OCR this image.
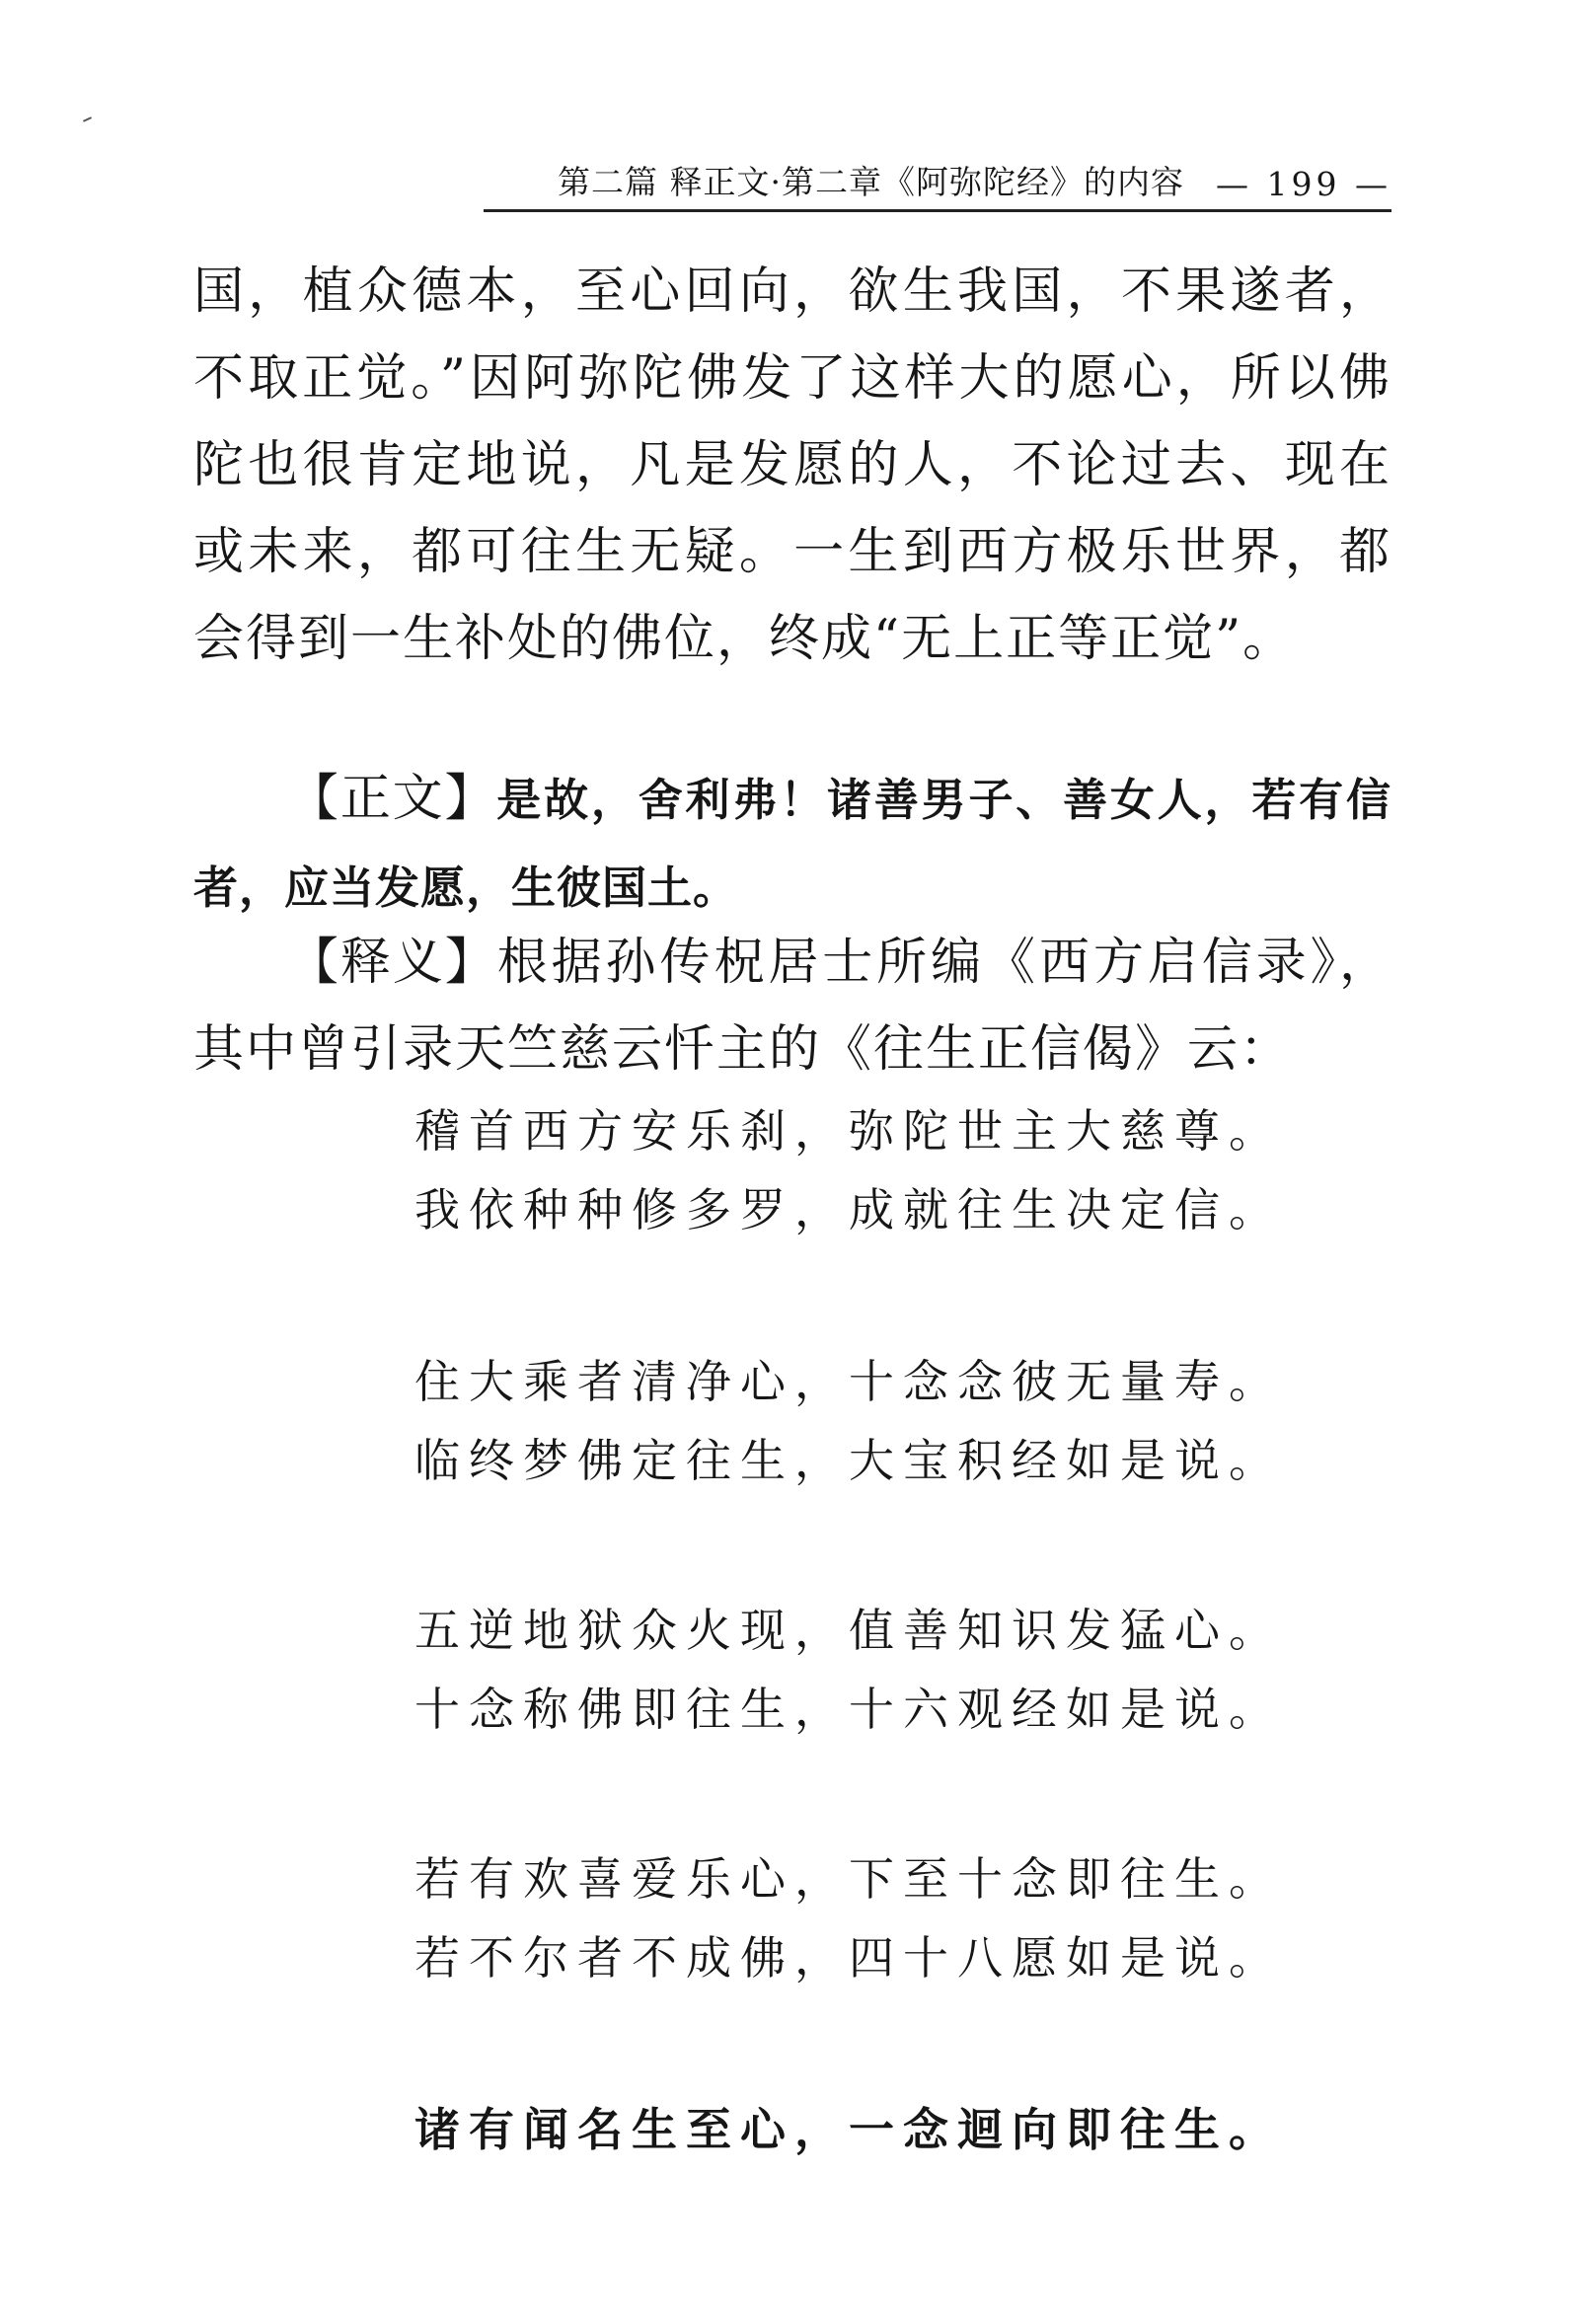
第二篇 释正文·第二章《阿弥陀经》的内容 — 199 —
国，植众德本，至心回向，欲生我国，不果遂者，不取正觉。”因阿弥陀佛发了这样大的愿心，所以佛陀也很肯定地说，凡是发愿的人，不论过去、现在或未来，都可往生无疑。一生到西方极乐世界，都会得到一生补处的佛位，终成“无上正等正觉”。
【正文】是故，舍利弗！诸善男子、善女人，若有信者，应当发愿，生彼国土。
【释义】根据孙传柷居士所编《西方启信录》，其中曾引录天竺慈云忏主的《往生正信偈》云：
稽首西方安乐刹，弥陀世主大慈尊。
我依种种修多罗，成就往生决定信。
住大乘者清净心，十念念彼无量寿。
临终梦佛定往生，大宝积经如是说。
五逆地狱众火现，值善知识发猛心。
十念称佛即往生，十六观经如是说。
若有欢喜爱乐心，下至十念即往生。
若不尔者不成佛，四十八愿如是说。
诸有闻名生至心，一念迴向即往生。
